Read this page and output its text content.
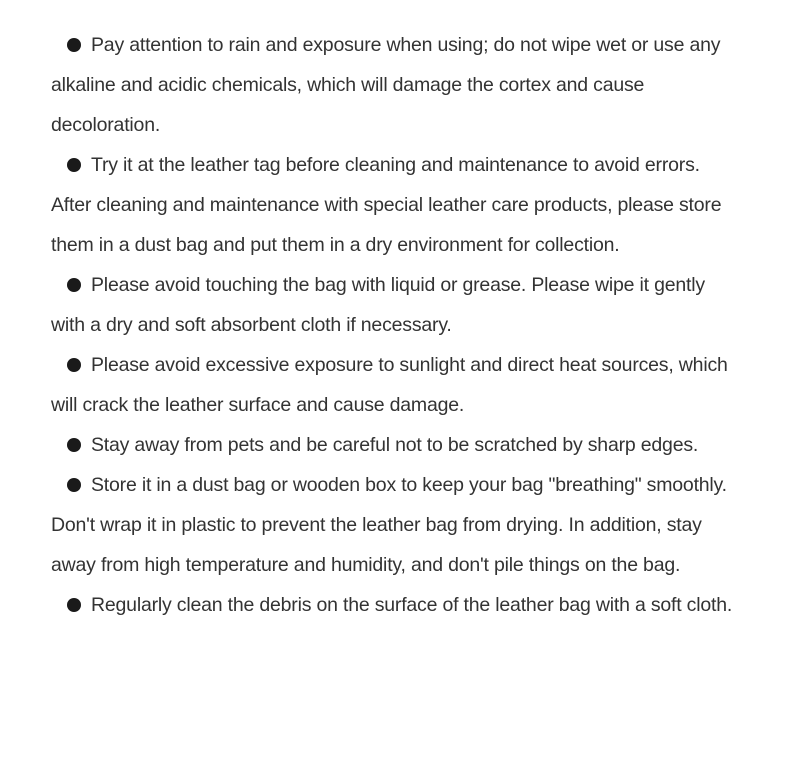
Pay attention to rain and exposure when using; do not wipe wet or use any alkaline and acidic chemicals, which will damage the cortex and cause decoloration.
Try it at the leather tag before cleaning and maintenance to avoid errors. After cleaning and maintenance with special leather care products, please store them in a dust bag and put them in a dry environment for collection.
Please avoid touching the bag with liquid or grease. Please wipe it gently with a dry and soft absorbent cloth if necessary.
Please avoid excessive exposure to sunlight and direct heat sources, which will crack the leather surface and cause damage.
Stay away from pets and be careful not to be scratched by sharp edges.
Store it in a dust bag or wooden box to keep your bag "breathing" smoothly. Don't wrap it in plastic to prevent the leather bag from drying. In addition, stay away from high temperature and humidity, and don't pile things on the bag.
Regularly clean the debris on the surface of the leather bag with a soft cloth.
